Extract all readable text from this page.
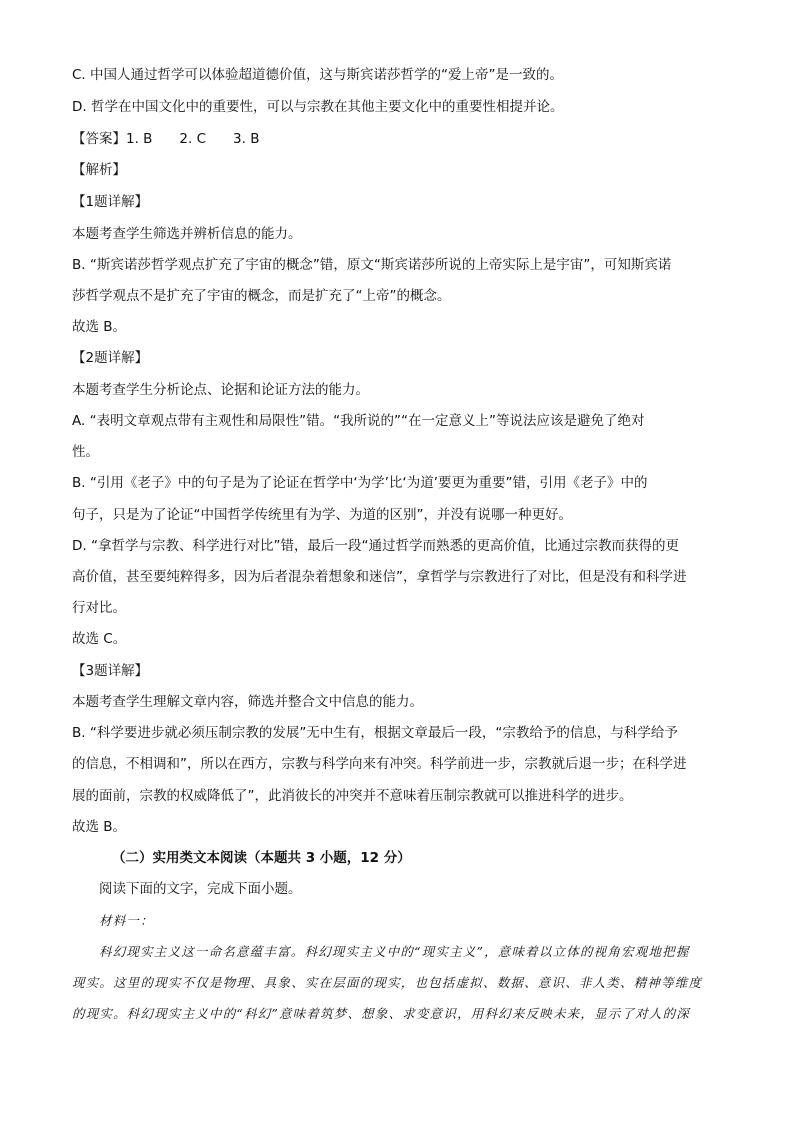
C. 中国人通过哲学可以体验超道德价值，这与斯宾诺莎哲学的“爱上帝”是一致的。
D. 哲学在中国文化中的重要性，可以与宗教在其他主要文化中的重要性相提并论。
【答案】1. B　　2. C　　3. B
【解析】
【1题详解】
本题考查学生筛选并辨析信息的能力。
B. “斯宾诺莎哲学观点扩充了宇宙的概念”错，原文“斯宾诺莎所说的上帝实际上是宇宙”，可知斯宾诺
莎哲学观点不是扩充了宇宙的概念，而是扩充了“上帝”的概念。
故选 B。
【2题详解】
本题考查学生分析论点、论据和论证方法的能力。
A. “表明文章观点带有主观性和局限性”错。“我所说的”“在一定意义上”等说法应该是避免了绝对
性。
B. “引用《老子》中的句子是为了论证在哲学中‘为学’比‘为道’要更为重要”错，引用《老子》中的
句子，只是为了论证“中国哲学传统里有为学、为道的区别”，并没有说哪一种更好。
D. “拿哲学与宗教、科学进行对比”错，最后一段“通过哲学而熟悉的更高价值，比通过宗教而获得的更
高价值，甚至要纯粹得多，因为后者混杂着想象和迷信”，拿哲学与宗教进行了对比，但是没有和科学进
行对比。
故选 C。
【3题详解】
本题考查学生理解文章内容，筛选并整合文中信息的能力。
B. “科学要进步就必须压制宗教的发展”无中生有，根据文章最后一段，“宗教给予的信息，与科学给予
的信息，不相调和”，所以在西方，宗教与科学向来有冲突。科学前进一步，宗教就后退一步；在科学进
展的面前，宗教的权威降低了”，此消彼长的冲突并不意味着压制宗教就可以推进科学的进步。
故选 B。
（二）实用类文本阅读（本题共 3 小题，12 分）
阅读下面的文字，完成下面小题。
材料一：
科幻现实主义这一命名意蕴丰富。科幻现实主义中的“现实主义”，意味着以立体的视角宏观地把握
现实。这里的现实不仅是物理、具象、实在层面的现实，也包括虚拟、数据、意识、非人类、精神等维度
的现实。科幻现实主义中的“科幻”意味着筑梦、想象、求变意识，用科幻来反映未来，显示了对人的深
